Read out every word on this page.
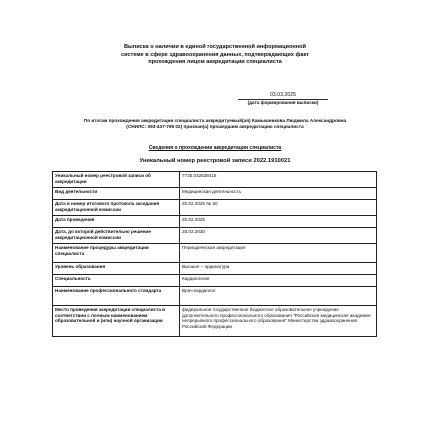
Выписка о наличии в единой государственной информационной
системе в сфере здравоохранения данных, подтверждающих факт
прохождения лицом аккредитации специалиста
03.03.2025
(дата формирования выписки)
По итогам прохождения аккредитации специалиста аккредитуемый(ая) Камышникова Людмила Александровна
(СНИЛС: 093-437-795 02) признан(а) прошедшим аккредитацию специалиста
Сведения о прохождении аккредитации специалиста
Уникальный номер реестровой записи 2022.1910021
Уникальный номер реестровой записи об аккредитации	7725.032638418
Вид деятельности	Медицинская деятельность
Дата и номер итогового протокола заседания аккредитационной комиссии	25.02.2025 № 50
Дата проведения	25.02.2025
Дата, до которой действительно решение аккредитационной комиссии	25.02.2030
Наименование процедуры аккредитации специалиста	Периодическая аккредитация
Уровень образования	Высшее – ординатура
Специальность	Кардиология
Наименование профессионального стандарта	Врач-кардиолог
Место проведения аккредитации специалиста в соответствии с полным наименованием образовательной и (или) научной организации	федеральное государственное бюджетное образовательное учреждение дополнительного профессионального образования "Российская медицинская академия непрерывного профессионального образования" Министерства здравоохранения Российской Федерации
